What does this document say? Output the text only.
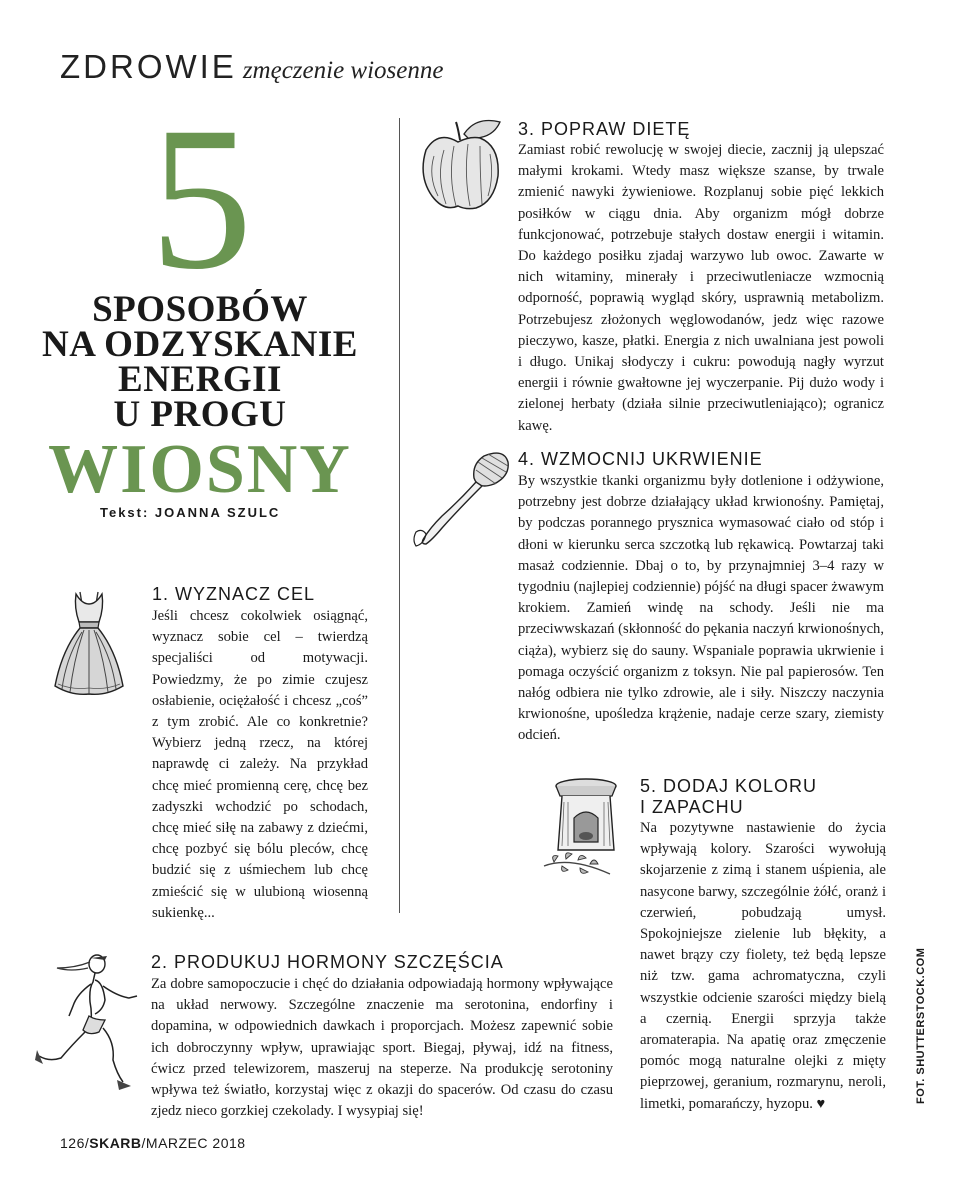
ZDROWIE zmęczenie wiosenne
5
SPOSOBÓW
NA ODZYSKANIE
ENERGII
U PROGU
WIOSNY
Tekst: JOANNA SZULC
1. WYZNACZ CEL
Jeśli chcesz cokolwiek osiągnąć, wyznacz sobie cel – twierdzą specjaliści od motywacji. Powiedzmy, że po zimie czujesz osłabienie, ociężałość i chcesz „coś” z tym zrobić. Ale co konkretnie? Wybierz jedną rzecz, na której naprawdę ci zależy. Na przykład chcę mieć promienną cerę, chcę bez zadyszki wchodzić po schodach, chcę mieć siłę na zabawy z dziećmi, chcę pozbyć się bólu pleców, chcę budzić się z uśmiechem lub chcę zmieścić się w ulubioną wiosenną sukienkę...
2. PRODUKUJ HORMONY SZCZĘŚCIA
Za dobre samopoczucie i chęć do działania odpowiadają hormony wpływające na układ nerwowy. Szczególne znaczenie ma serotonina, endorfiny i dopamina, w odpowiednich dawkach i proporcjach. Możesz zapewnić sobie ich dobroczynny wpływ, uprawiając sport. Biegaj, pływaj, idź na fitness, ćwicz przed telewizorem, maszeruj na steperze. Na produkcję serotoniny wpływa też światło, korzystaj więc z okazji do spacerów. Od czasu do czasu zjedz nieco gorzkiej czekolady. I wysypiaj się!
3. POPRAW DIETĘ
Zamiast robić rewolucję w swojej diecie, zacznij ją ulepszać małymi krokami. Wtedy masz większe szanse, by trwale zmienić nawyki żywieniowe. Rozplanuj sobie pięć lekkich posiłków w ciągu dnia. Aby organizm mógł dobrze funkcjonować, potrzebuje stałych dostaw energii i witamin. Do każdego posiłku zjadaj warzywo lub owoc. Zawarte w nich witaminy, minerały i przeciwutleniacze wzmocnią odporność, poprawią wygląd skóry, usprawnią metabolizm. Potrzebujesz złożonych węglowodanów, jedz więc razowe pieczywo, kasze, płatki. Energia z nich uwalniana jest powoli i długo. Unikaj słodyczy i cukru: powodują nagły wyrzut energii i równie gwałtowne jej wyczerpanie. Pij dużo wody i zielonej herbaty (działa silnie przeciwutleniająco); ogranicz kawę.
4. WZMOCNIJ UKRWIENIE
By wszystkie tkanki organizmu były dotlenione i odżywione, potrzebny jest dobrze działający układ krwionośny. Pamiętaj, by podczas porannego prysznica wymasować ciało od stóp i dłoni w kierunku serca szczotką lub rękawicą. Powtarzaj taki masaż codziennie. Dbaj o to, by przynajmniej 3–4 razy w tygodniu (najlepiej codziennie) pójść na długi spacer żwawym krokiem. Zamień windę na schody. Jeśli nie ma przeciwwskazań (skłonność do pękania naczyń krwionośnych, ciąża), wybierz się do sauny. Wspaniale poprawia ukrwienie i pomaga oczyścić organizm z toksyn. Nie pal papierosów. Ten nałóg odbiera nie tylko zdrowie, ale i siły. Niszczy naczynia krwionośne, upośledza krążenie, nadaje cerze szary, ziemisty odcień.
5. DODAJ KOLORU
I ZAPACHU
Na pozytywne nastawienie do życia wpływają kolory. Szarości wywołują skojarzenie z zimą i stanem uśpienia, ale nasycone barwy, szczególnie żółć, oranż i czerwień, pobudzają umysł. Spokojniejsze zielenie lub błękity, a nawet brązy czy fiolety, też będą lepsze niż tzw. gama achromatyczna, czyli wszystkie odcienie szarości między bielą a czernią. Energii sprzyja także aromaterapia. Na apatię oraz zmęczenie pomóc mogą naturalne olejki z mięty pieprzowej, geranium, rozmarynu, neroli, limetki, pomarańczy, hyzopu. ♥
126/SKARB/MARZEC 2018
FOT. SHUTTERSTOCK.COM
